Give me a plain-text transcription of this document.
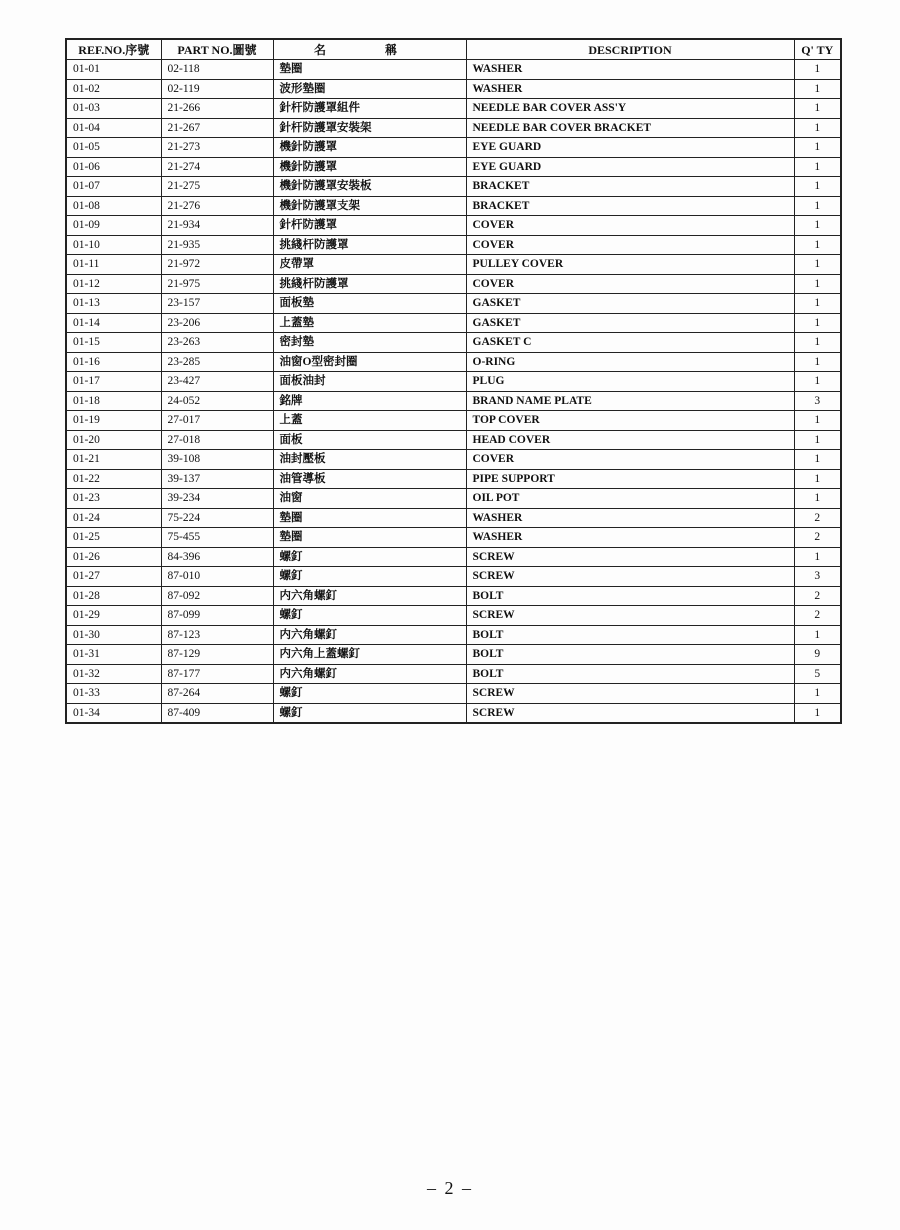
REF.NO.序號	PART NO.圖號	名 稱	DESCRIPTION	Q' TY
01-01	02-118	墊圈	WASHER	1
01-02	02-119	波形墊圈	WASHER	1
01-03	21-266	針杆防護罩組件	NEEDLE BAR COVER ASS'Y	1
01-04	21-267	針杆防護罩安裝架	NEEDLE BAR COVER BRACKET	1
01-05	21-273	機針防護罩	EYE GUARD	1
01-06	21-274	機針防護罩	EYE GUARD	1
01-07	21-275	機針防護罩安裝板	BRACKET	1
01-08	21-276	機針防護罩支架	BRACKET	1
01-09	21-934	針杆防護罩	COVER	1
01-10	21-935	挑綫杆防護罩	COVER	1
01-11	21-972	皮帶罩	PULLEY COVER	1
01-12	21-975	挑綫杆防護罩	COVER	1
01-13	23-157	面板墊	GASKET	1
01-14	23-206	上蓋墊	GASKET	1
01-15	23-263	密封墊	GASKET C	1
01-16	23-285	油窗O型密封圈	O-RING	1
01-17	23-427	面板油封	PLUG	1
01-18	24-052	銘牌	BRAND NAME PLATE	3
01-19	27-017	上蓋	TOP COVER	1
01-20	27-018	面板	HEAD COVER	1
01-21	39-108	油封壓板	COVER	1
01-22	39-137	油管導板	PIPE SUPPORT	1
01-23	39-234	油窗	OIL POT	1
01-24	75-224	墊圈	WASHER	2
01-25	75-455	墊圈	WASHER	2
01-26	84-396	螺釘	SCREW	1
01-27	87-010	螺釘	SCREW	3
01-28	87-092	内六角螺釘	BOLT	2
01-29	87-099	螺釘	SCREW	2
01-30	87-123	内六角螺釘	BOLT	1
01-31	87-129	内六角上蓋螺釘	BOLT	9
01-32	87-177	内六角螺釘	BOLT	5
01-33	87-264	螺釘	SCREW	1
01-34	87-409	螺釘	SCREW	1
– 2 –
